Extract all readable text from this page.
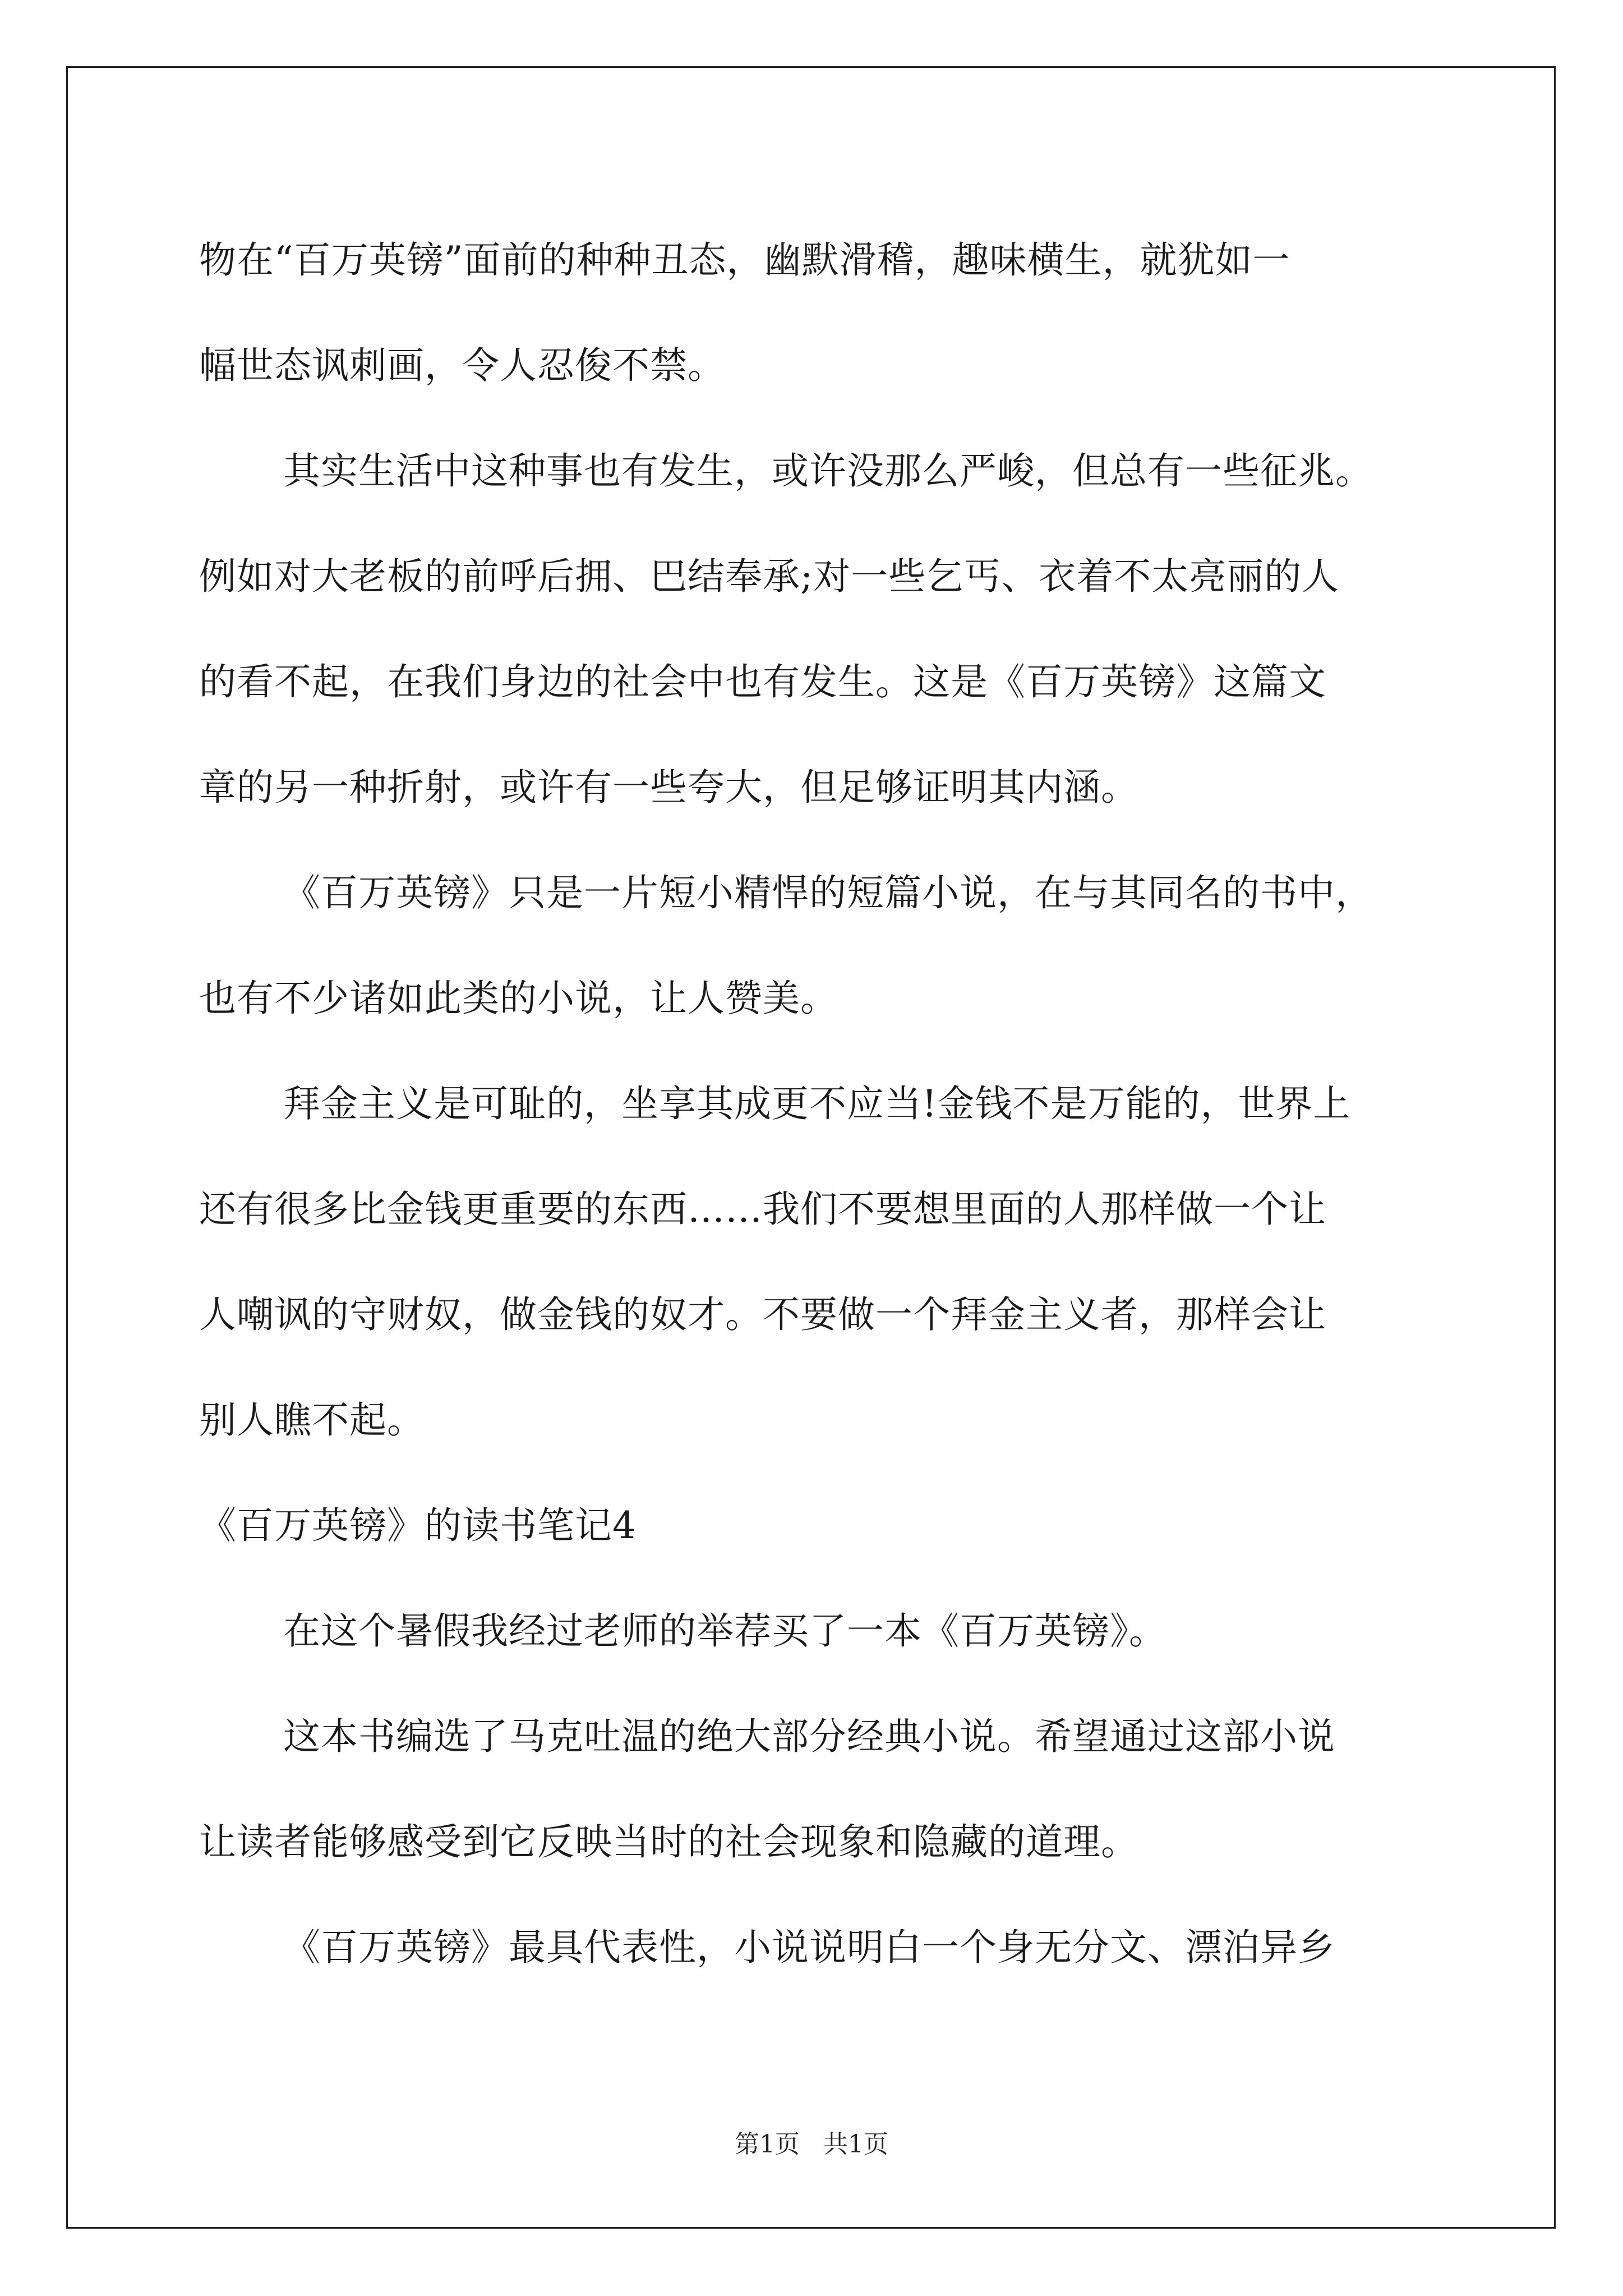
物在“百万英镑”面前的种种丑态，幽默滑稽，趣味横生，就犹如一
幅世态讽刺画，令人忍俊不禁。
其实生活中这种事也有发生，或许没那么严峻，但总有一些征兆。
例如对大老板的前呼后拥、巴结奉承;对一些乞丐、衣着不太亮丽的人
的看不起，在我们身边的社会中也有发生。这是《百万英镑》这篇文
章的另一种折射，或许有一些夸大，但足够证明其内涵。
《百万英镑》只是一片短小精悍的短篇小说，在与其同名的书中，
也有不少诸如此类的小说，让人赞美。
拜金主义是可耻的，坐享其成更不应当!金钱不是万能的，世界上
还有很多比金钱更重要的东西……我们不要想里面的人那样做一个让
人嘲讽的守财奴，做金钱的奴才。不要做一个拜金主义者，那样会让
别人瞧不起。
《百万英镑》的读书笔记4
在这个暑假我经过老师的举荐买了一本《百万英镑》。
这本书编选了马克吐温的绝大部分经典小说。希望通过这部小说
让读者能够感受到它反映当时的社会现象和隐藏的道理。
《百万英镑》最具代表性，小说说明白一个身无分文、漂泊异乡
第1页   共1页
